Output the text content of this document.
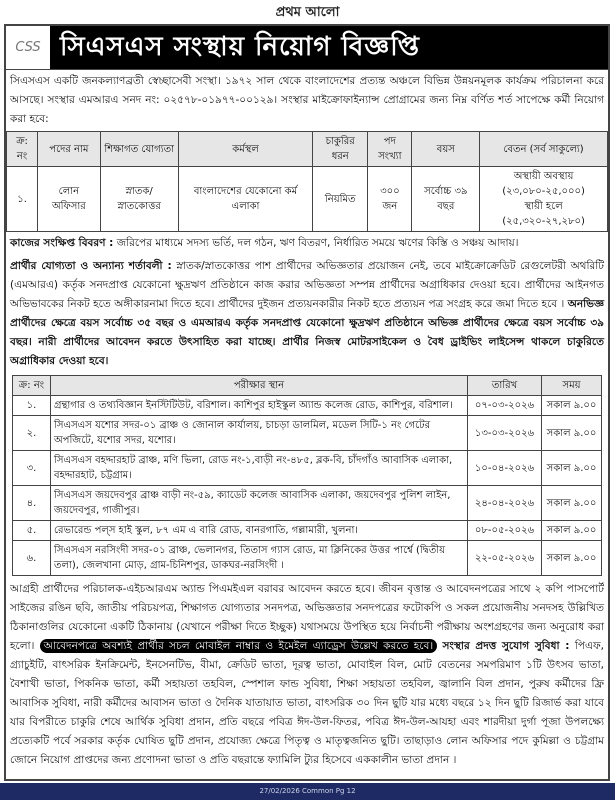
প্রথম আলো
CSS সিএসএস সংস্থায় নিয়োগ বিজ্ঞপ্তি

সিএসএস একটি জনকল্যাণব্রতী স্বেচ্ছাসেবী সংস্থা। ১৯৭২ সাল থেকে বাংলাদেশের প্রত্যন্ত অঞ্চলে বিভিন্ন উন্নয়নমূলক কার্যক্রম পরিচালনা করে আসছে। সংস্থার এমআরএ সনদ নং: ০২৫৭৮-০১৯৭৭-০০১২৯। সংস্থার মাইক্রোফাইন্যান্স প্রোগ্রামের জন্য নিম্ন বর্ণিত শর্ত সাপেক্ষে কর্মী নিয়োগ করা হবে:

ক্র: নং	পদের নাম	শিক্ষাগত যোগ্যতা	কর্মস্থল	চাকুরির ধরন	পদ সংখ্যা	বয়স	বেতন (সর্ব সাকুল্যে)
১.	লোন অফিসার	স্নাতক/ স্নাতকোত্তর	বাংলাদেশের যেকোনো কর্ম এলাকা	নিয়মিত	৩০০ জন	সর্বোচ্চ ৩৯ বছর	অস্থায়ী অবস্থায়
(২৩,০৮০-২৫,০০০)
স্থায়ী হলে (২৫,৩২০-২৭,২৮০)

কাজের সংক্ষিপ্ত বিবরণ : জরিপের মাধ্যমে সদস্য ভর্তি, দল গঠন, ঋণ বিতরণ, নির্ধারিত সময়ে ঋণের কিস্তি ও সঞ্চয় আদায়।

প্রার্থীর যোগ্যতা ও অন্যান্য শর্তাবলী : স্নাতক/স্নাতকোত্তর পাশ প্রার্থীদের অভিজ্ঞতার প্রয়োজন নেই, তবে মাইক্রোক্রেডিট রেগুলেটরী অথরিটি (এমআরএ) কর্তৃক সনদপ্রাপ্ত যেকোনো ক্ষুদ্রঋণ প্রতিষ্ঠানে কাজ করার অভিজ্ঞতা সম্পন্ন প্রার্থীদের অগ্রাধিকার দেওয়া হবে। প্রার্থীদের আইনগত অভিভাবকের নিকট হতে অঙ্গীকারনামা দিতে হবে। প্রার্থীদের দুইজন প্রত্যয়নকারীর নিকট হতে প্রত্যয়ন পত্র সংগ্রহ করে জমা দিতে হবে । অনভিজ্ঞ প্রার্থীদের ক্ষেত্রে বয়স সর্বোচ্চ ৩৫ বছর ও এমআরএ কর্তৃক সনদপ্রাপ্ত যেকোনো ক্ষুদ্রঋণ প্রতিষ্ঠানে অভিজ্ঞ প্রার্থীদের ক্ষেত্রে বয়স সর্বোচ্চ ৩৯ বছর। নারী প্রার্থীদের আবেদন করতে উৎসাহিত করা যাচ্ছে। প্রার্থীর নিজস্ব মোটরসাইকেল ও বৈধ ড্রাইভিং লাইসেন্স থাকলে চাকুরিতে অগ্রাধিকার দেওয়া হবে।

ক্র: নং	পরীক্ষার স্থান	তারিখ	সময়
১.	গ্রন্থাগার ও তথ্যবিজ্ঞান ইনস্টিটিউট, বরিশাল। কাশিপুর হাইস্কুল অ্যান্ড কলেজ রোড, কাশিপুর, বরিশাল।	০৭-০৩-২০২৬	সকাল ৯.০০
২.	সিএসএস যশোর সদর-০১ ব্রাঞ্চ ও জোনাল কার্যালয়, চাচড়া ডালমিল, মডেল সিটি-১ নং গেটের অপজিটে, যশোর সদর, যশোর।	১৩-০৩-২০২৬	সকাল ৯.০০
৩.	সিএসএস বহদ্দারহাট ব্রাঞ্চ, মণি ভিলা, রোড নং-১,বাড়ী নং-৪৮৫, ব্লক-বি, চাঁদগাঁও আবাসিক এলাকা, বহদ্দারহাট, চট্টগ্রাম।	১০-০৪-২০২৬	সকাল ৯.০০
৪.	সিএসএস জয়দেবপুর ব্রাঞ্চ বাড়ী নং-৫৯, ক্যাডেট কলেজ আবাসিক এলাকা, জয়দেবপুর পুলিশ লাইন, জয়দেবপুর, গাজীপুর।	২৪-০৪-২০২৬	সকাল ৯.০০
৫.	রেভারেন্ড পল্স হাই স্কুল, ৮৭ এম এ বারি রোড, বানরগাতি, গল্লামারী, খুলনা।	০৮-০৫-২০২৬	সকাল ৯.০০
৬.	সিএসএস নরসিংদী সদর-০১ ব্রাঞ্চ, ভেলানগর, তিতাস গ্যাস রোড, মা ক্লিনিকের উত্তর পার্শ্বে (দ্বিতীয় তলা), জেলখানা মোড়, গ্রাম-চিনিশপুর, ডাকঘর-নরসিংদী ।	২২-০৫-২০২৬	সকাল ৯.০০

আগ্রহী প্রার্থীদের পরিচালক-এইচআরএম অ্যান্ড পিএমইএল বরাবর আবেদন করতে হবে। জীবন বৃত্তান্ত ও আবেদনপত্রের সাথে ২ কপি পাসপোর্ট সাইজের রঙিন ছবি, জাতীয় পরিচয়পত্র, শিক্ষাগত যোগ্যতার সনদপত্র, অভিজ্ঞতার সনদপত্রের ফটোকপি ও সকল প্রয়োজনীয় সনদসহ উল্লিখিত ঠিকানাগুলির যেকোনো একটি ঠিকানায় (যেখানে পরীক্ষা দিতে ইচ্ছুক) যথাসময়ে উপস্থিত হয়ে নির্বাচনী পরীক্ষায় অংশগ্রহণের জন্য অনুরোধ করা হলো। আবেদনপত্রে অবশ্যই প্রার্থীর সচল মোবাইল নাম্বার ও ইমেইল এ্যাড্রেস উল্লেখ করতে হবে। সংস্থার প্রদত্ত সুযোগ সুবিধা : পিএফ, গ্র্যাচুইটি, বাৎসরিক ইনক্রিমেন্ট, ইনসেনটিভ, বীমা, ক্রেডিট ভাতা, দূরত্ব ভাতা, মোবাইল বিল, মোট বেতনের সমপরিমাণ ১টি উৎসব ভাতা, বৈশাখী ভাতা, পিকনিক ভাতা, কর্মী সহায়তা তহবিল, স্পেশাল ফান্ড সুবিধা, শিক্ষা সহায়তা তহবিল, জ্বালানি বিল প্রদান, পুরুষ কর্মীদের ফ্রি আবাসিক সুবিধা, নারী কর্মীদের আবাসন ভাতা ও দৈনিক যাতায়াত ভাতা, বাৎসরিক ৩০ দিন ছুটি যার মধ্যে বছরে ১২ দিন ছুটি রিজার্ভ করা যাবে যার বিপরীতে চাকুরি শেষে আর্থিক সুবিধা প্রদান, প্রতি বছরে পবিত্র ঈদ-উল-ফিতর, পবিত্র ঈদ-উল-আযহা এবং শারদীয়া দুর্গা পূজা উপলক্ষ্যে প্রত্যেকটি পর্বে সরকার কর্তৃক ঘোষিত ছুটি প্রদান, প্রযোজ্য ক্ষেত্রে পিতৃত্ব ও মাতৃত্বজনিত ছুটি। তাছাড়াও লোন অফিসার পদে কুমিল্লা ও চট্টগ্রাম জোনে নিয়োগ প্রাপ্তদের জন্য প্রণোদনা ভাতা ও প্রতি বছরান্তে ফ্যামিলি ট্যুর হিসেবে এককালীন ভাতা প্রদান ।

27/02/2026 Common Pg 12
